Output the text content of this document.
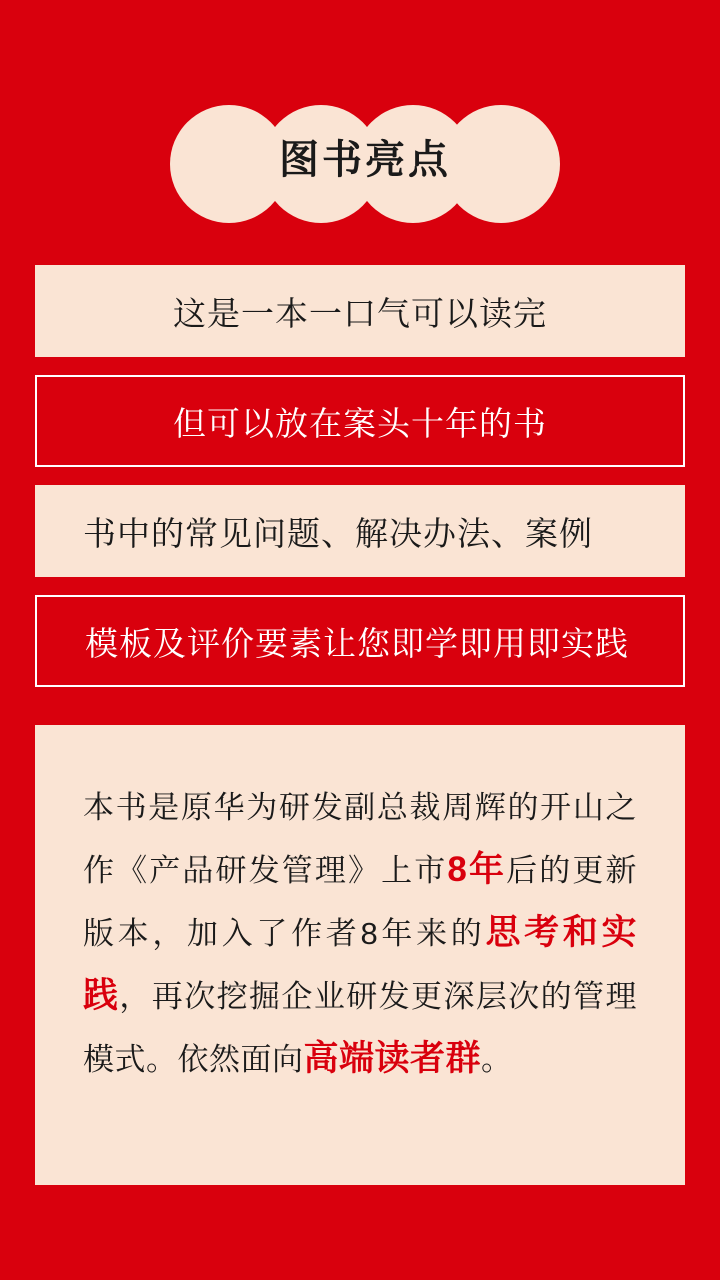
图书亮点
这是一本一口气可以读完
但可以放在案头十年的书
书中的常见问题、解决办法、案例
模板及评价要素让您即学即用即实践
本书是原华为研发副总裁周辉的开山之作《产品研发管理》上市8年后的更新版本，加入了作者8年来的思考和实践，再次挖掘企业研发更深层次的管理模式。依然面向高端读者群。
